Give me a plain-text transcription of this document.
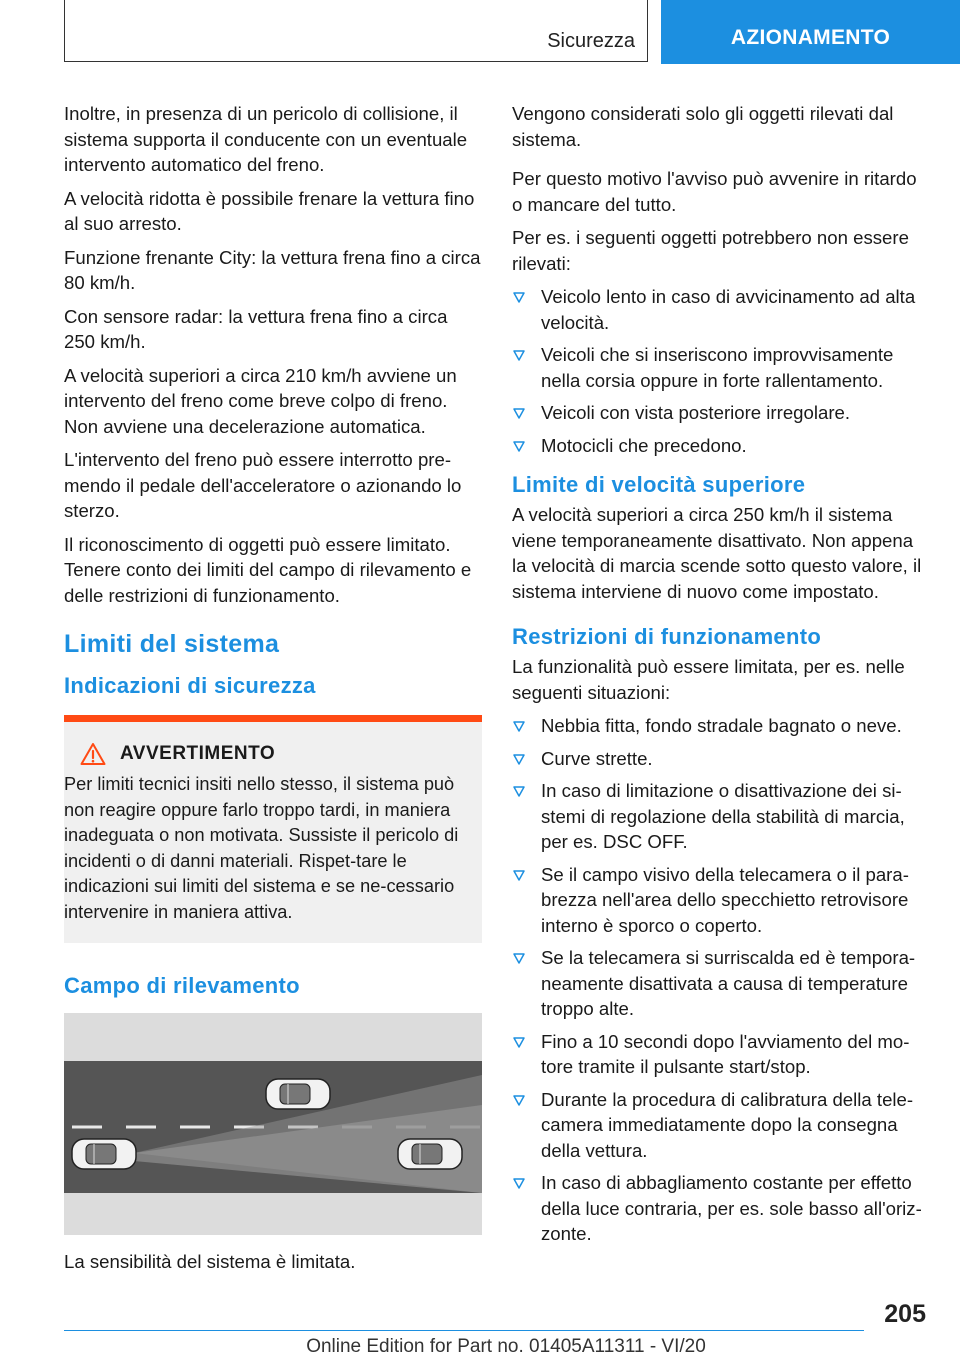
Sicurezza	AZIONAMENTO

Inoltre, in presenza di un pericolo di collisione, il sistema supporta il conducente con un eventuale intervento automatico del freno.

A velocità ridotta è possibile frenare la vettura fino al suo arresto.

Funzione frenante City: la vettura frena fino a circa 80 km/h.

Con sensore radar: la vettura frena fino a circa 250 km/h.

A velocità superiori a circa 210 km/h avviene un intervento del freno come breve colpo di freno. Non avviene una decelerazione automatica.

L'intervento del freno può essere interrotto pre‐mendo il pedale dell'acceleratore o azionando lo sterzo.

Il riconoscimento di oggetti può essere limitato. Tenere conto dei limiti del campo di rilevamento e delle restrizioni di funzionamento.

Limiti del sistema
Indicazioni di sicurezza
AVVERTIMENTO

Per limiti tecnici insiti nello stesso, il sistema può non reagire oppure farlo troppo tardi, in maniera inadeguata o non motivata. Sussiste il pericolo di incidenti o di danni materiali. Rispet‐tare le indicazioni sui limiti del sistema e se ne‐cessario intervenire in maniera attiva.

Campo di rilevamento

La sensibilità del sistema è limitata.

Vengono considerati solo gli oggetti rilevati dal sistema.

Per questo motivo l'avviso può avvenire in ritardo o mancare del tutto.

Per es. i seguenti oggetti potrebbero non essere rilevati:

Veicolo lento in caso di avvicinamento ad alta velocità.
Veicoli che si inseriscono improvvisamente nella corsia oppure in forte rallentamento.
Veicoli con vista posteriore irregolare.
Motocicli che precedono.
Limite di velocità superiore

A velocità superiori a circa 250 km/h il sistema viene temporaneamente disattivato. Non appena la velocità di marcia scende sotto questo valore, il sistema interviene di nuovo come impostato.

Restrizioni di funzionamento

La funzionalità può essere limitata, per es. nelle seguenti situazioni:

Nebbia fitta, fondo stradale bagnato o neve.
Curve strette.
In caso di limitazione o disattivazione dei si‐stemi di regolazione della stabilità di marcia, per es. DSC OFF.
Se il campo visivo della telecamera o il para‐brezza nell'area dello specchietto retrovisore interno è sporco o coperto.
Se la telecamera si surriscalda ed è tempora‐neamente disattivata a causa di temperature troppo alte.
Fino a 10 secondi dopo l'avviamento del mo‐tore tramite il pulsante start/stop.
Durante la procedura di calibratura della tele‐camera immediatamente dopo la consegna della vettura.
In caso di abbagliamento costante per effetto della luce contraria, per es. sole basso all'oriz‐zonte.
205
Online Edition for Part no. 01405A11311 - VI/20
